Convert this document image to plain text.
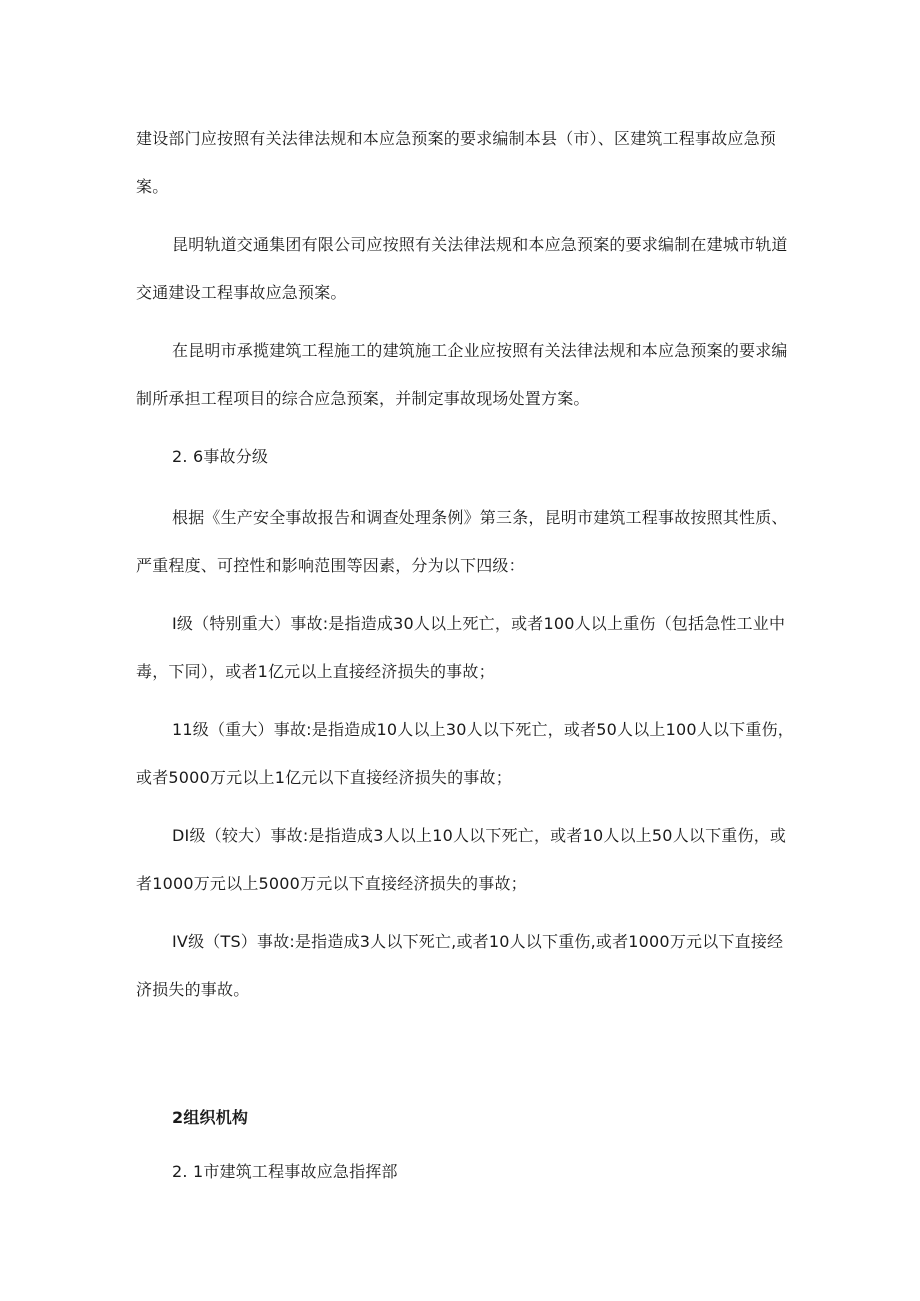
建设部门应按照有关法律法规和本应急预案的要求编制本县（市）、区建筑工程事故应急预案。

昆明轨道交通集团有限公司应按照有关法律法规和本应急预案的要求编制在建城市轨道交通建设工程事故应急预案。

在昆明市承揽建筑工程施工的建筑施工企业应按照有关法律法规和本应急预案的要求编制所承担工程项目的综合应急预案，并制定事故现场处置方案。

2. 6事故分级

根据《生产安全事故报告和调查处理条例》第三条，昆明市建筑工程事故按照其性质、严重程度、可控性和影响范围等因素，分为以下四级：

I级（特别重大）事故:是指造成30人以上死亡，或者100人以上重伤（包括急性工业中毒，下同），或者1亿元以上直接经济损失的事故；

11级（重大）事故:是指造成10人以上30人以下死亡，或者50人以上100人以下重伤，或者5000万元以上1亿元以下直接经济损失的事故；

DI级（较大）事故:是指造成3人以上10人以下死亡，或者10人以上50人以下重伤，或者1000万元以上5000万元以下直接经济损失的事故；

IV级（TS）事故:是指造成3人以下死亡,或者10人以下重伤,或者1000万元以下直接经济损失的事故。

2组织机构

2. 1市建筑工程事故应急指挥部
